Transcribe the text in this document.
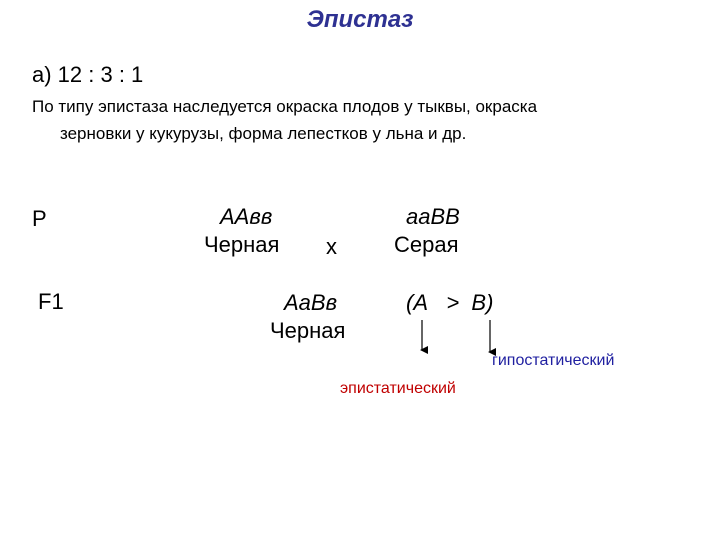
Эпистаз
а) 12 : 3 : 1
По типу эпистаза наследуется окраска плодов у тыквы, окраска
зерновки у кукурузы, форма лепестков у льна и др.
P	AАвв
Черная x
ааВВ
Серая
F1	АаВв
Черная
(А   >  В)
гипостатический
эпистатический
